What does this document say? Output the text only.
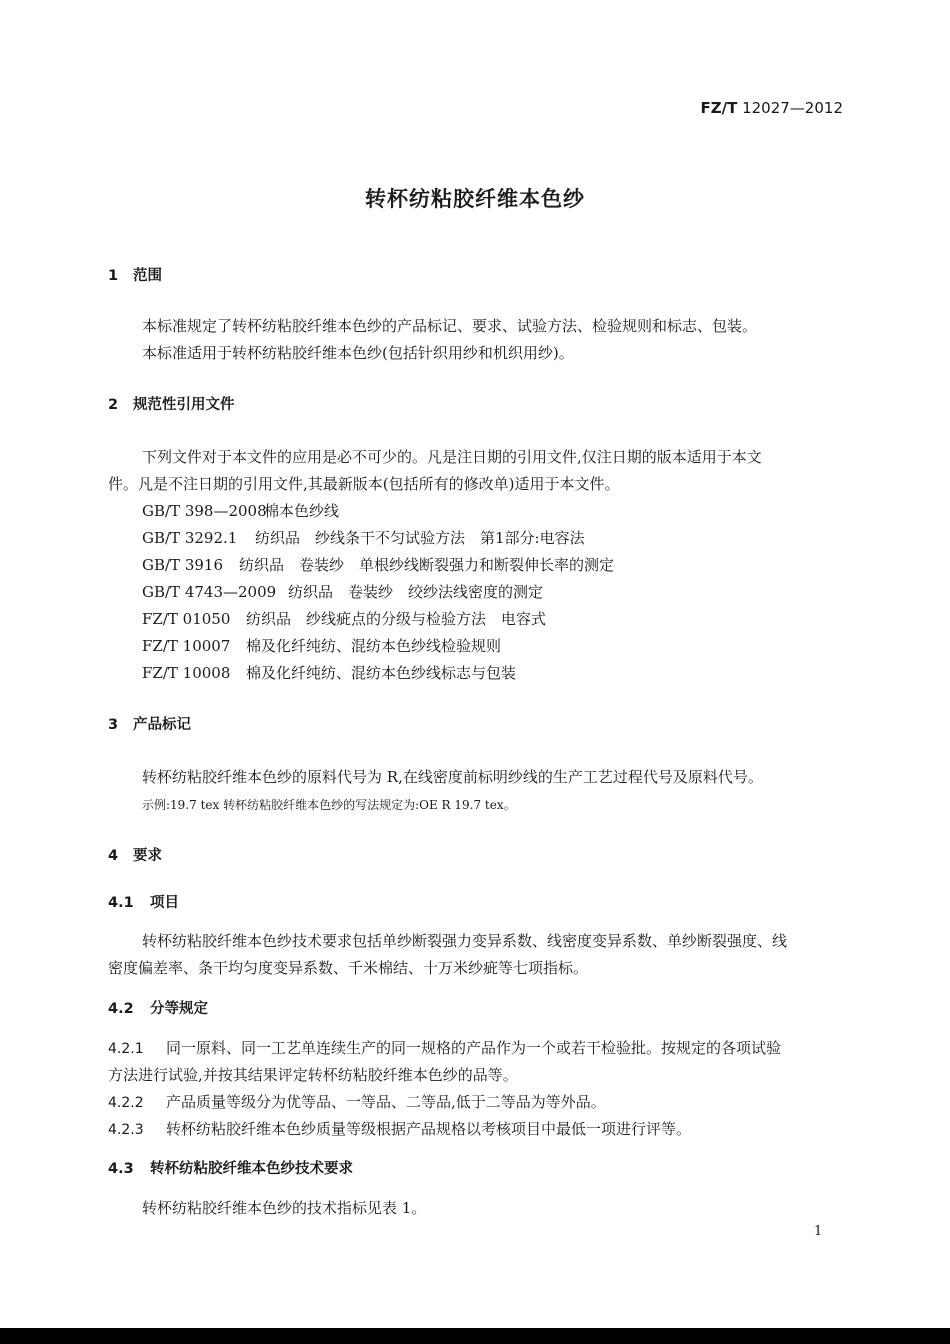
FZ/T 12027—2012
转杯纺粘胶纤维本色纱
1 范围
本标准规定了转杯纺粘胶纤维本色纱的产品标记、要求、试验方法、检验规则和标志、包装。
本标准适用于转杯纺粘胶纤维本色纱(包括针织用纱和机织用纱)。
2 规范性引用文件
下列文件对于本文件的应用是必不可少的。凡是注日期的引用文件,仅注日期的版本适用于本文
件。凡是不注日期的引用文件,其最新版本(包括所有的修改单)适用于本文件。
GB/T 398—2008棉本色纱线
GB/T 3292.1 纺织品　纱线条干不匀试验方法　第1部分:电容法
GB/T 3916 纺织品　卷装纱　单根纱线断裂强力和断裂伸长率的测定
GB/T 4743—2009 纺织品　卷装纱　绞纱法线密度的测定
FZ/T 01050 纺织品　纱线疵点的分级与检验方法　电容式
FZ/T 10007 棉及化纤纯纺、混纺本色纱线检验规则
FZ/T 10008 棉及化纤纯纺、混纺本色纱线标志与包装
3 产品标记
转杯纺粘胶纤维本色纱的原料代号为 R,在线密度前标明纱线的生产工艺过程代号及原料代号。
示例:19.7 tex 转杯纺粘胶纤维本色纱的写法规定为:OE R 19.7 tex。
4 要求
4.1 项目
转杯纺粘胶纤维本色纱技术要求包括单纱断裂强力变异系数、线密度变异系数、单纱断裂强度、线
密度偏差率、条干均匀度变异系数、千米棉结、十万米纱疵等七项指标。
4.2 分等规定
4.2.1 同一原料、同一工艺单连续生产的同一规格的产品作为一个或若干检验批。按规定的各项试验
方法进行试验,并按其结果评定转杯纺粘胶纤维本色纱的品等。
4.2.2 产品质量等级分为优等品、一等品、二等品,低于二等品为等外品。
4.2.3 转杯纺粘胶纤维本色纱质量等级根据产品规格以考核项目中最低一项进行评等。
4.3 转杯纺粘胶纤维本色纱技术要求
转杯纺粘胶纤维本色纱的技术指标见表 1。
1
